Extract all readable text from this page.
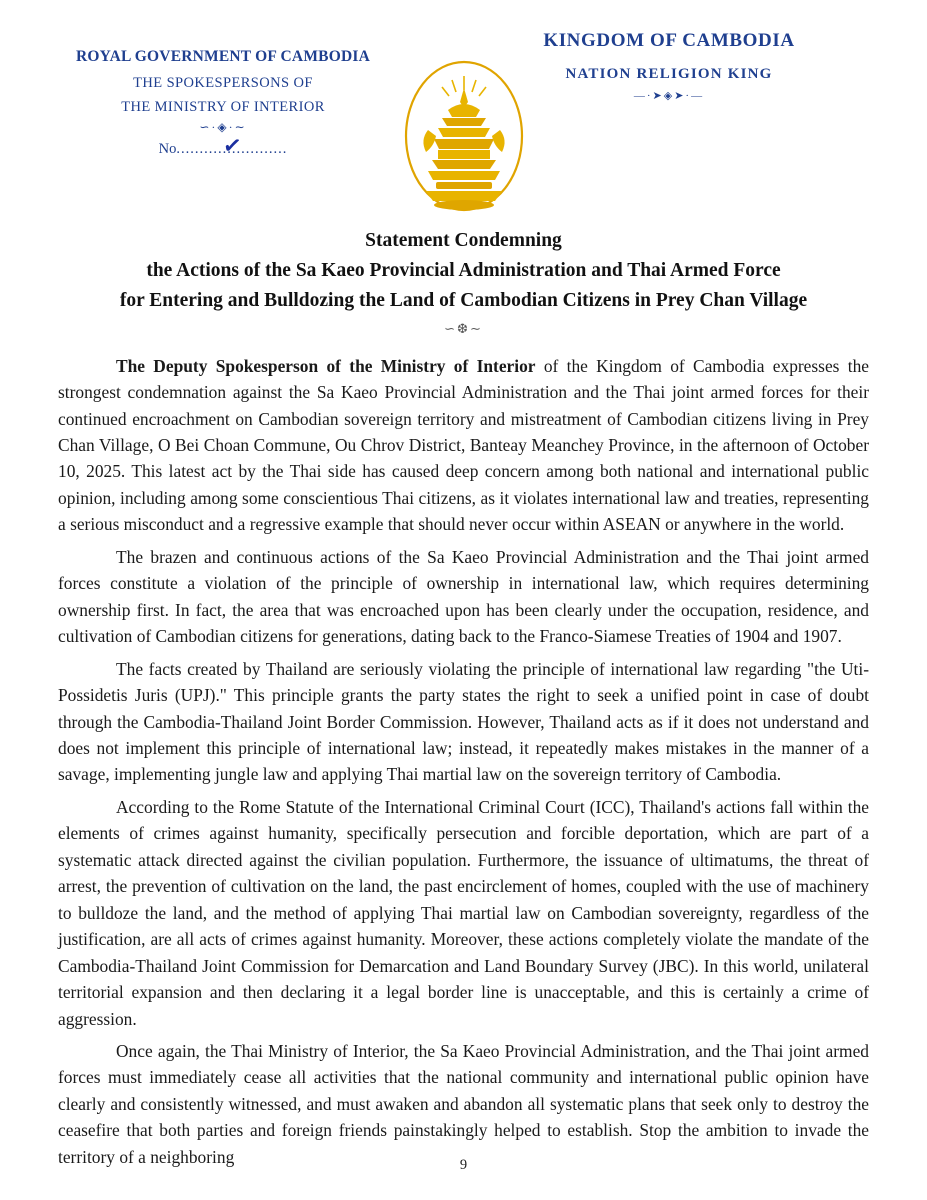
ROYAL GOVERNMENT OF CAMBODIA
THE SPOKESPERSONS OF
THE MINISTRY OF INTERIOR
∽·◈·∼
No........................
✓
KINGDOM OF CAMBODIA
NATION RELIGION KING
—·➤◈➤·—
Statement Condemning
the Actions of the Sa Kaeo Provincial Administration and Thai Armed Force
for Entering and Bulldozing the Land of Cambodian Citizens in Prey Chan Village
∽❆∼

The Deputy Spokesperson of the Ministry of Interior of the Kingdom of Cambodia expresses the strongest condemnation against the Sa Kaeo Provincial Administration and the Thai joint armed forces for their continued encroachment on Cambodian sovereign territory and mistreatment of Cambodian citizens living in Prey Chan Village, O Bei Choan Commune, Ou Chrov District, Banteay Meanchey Province, in the afternoon of October 10, 2025. This latest act by the Thai side has caused deep concern among both national and international public opinion, including among some conscientious Thai citizens, as it violates international law and treaties, representing a serious misconduct and a regressive example that should never occur within ASEAN or anywhere in the world.

The brazen and continuous actions of the Sa Kaeo Provincial Administration and the Thai joint armed forces constitute a violation of the principle of ownership in international law, which requires determining ownership first. In fact, the area that was encroached upon has been clearly under the occupation, residence, and cultivation of Cambodian citizens for generations, dating back to the Franco-Siamese Treaties of 1904 and 1907.

The facts created by Thailand are seriously violating the principle of international law regarding "the Uti-Possidetis Juris (UPJ)." This principle grants the party states the right to seek a unified point in case of doubt through the Cambodia-Thailand Joint Border Commission. However, Thailand acts as if it does not understand and does not implement this principle of international law; instead, it repeatedly makes mistakes in the manner of a savage, implementing jungle law and applying Thai martial law on the sovereign territory of Cambodia.

According to the Rome Statute of the International Criminal Court (ICC), Thailand's actions fall within the elements of crimes against humanity, specifically persecution and forcible deportation, which are part of a systematic attack directed against the civilian population. Furthermore, the issuance of ultimatums, the threat of arrest, the prevention of cultivation on the land, the past encirclement of homes, coupled with the use of machinery to bulldoze the land, and the method of applying Thai martial law on Cambodian sovereignty, regardless of the justification, are all acts of crimes against humanity. Moreover, these actions completely violate the mandate of the Cambodia-Thailand Joint Commission for Demarcation and Land Boundary Survey (JBC). In this world, unilateral territorial expansion and then declaring it a legal border line is unacceptable, and this is certainly a crime of aggression.

Once again, the Thai Ministry of Interior, the Sa Kaeo Provincial Administration, and the Thai joint armed forces must immediately cease all activities that the national community and international public opinion have clearly and consistently witnessed, and must awaken and abandon all systematic plans that seek only to destroy the ceasefire that both parties and foreign friends painstakingly helped to establish. Stop the ambition to invade the territory of a neighboring	9
